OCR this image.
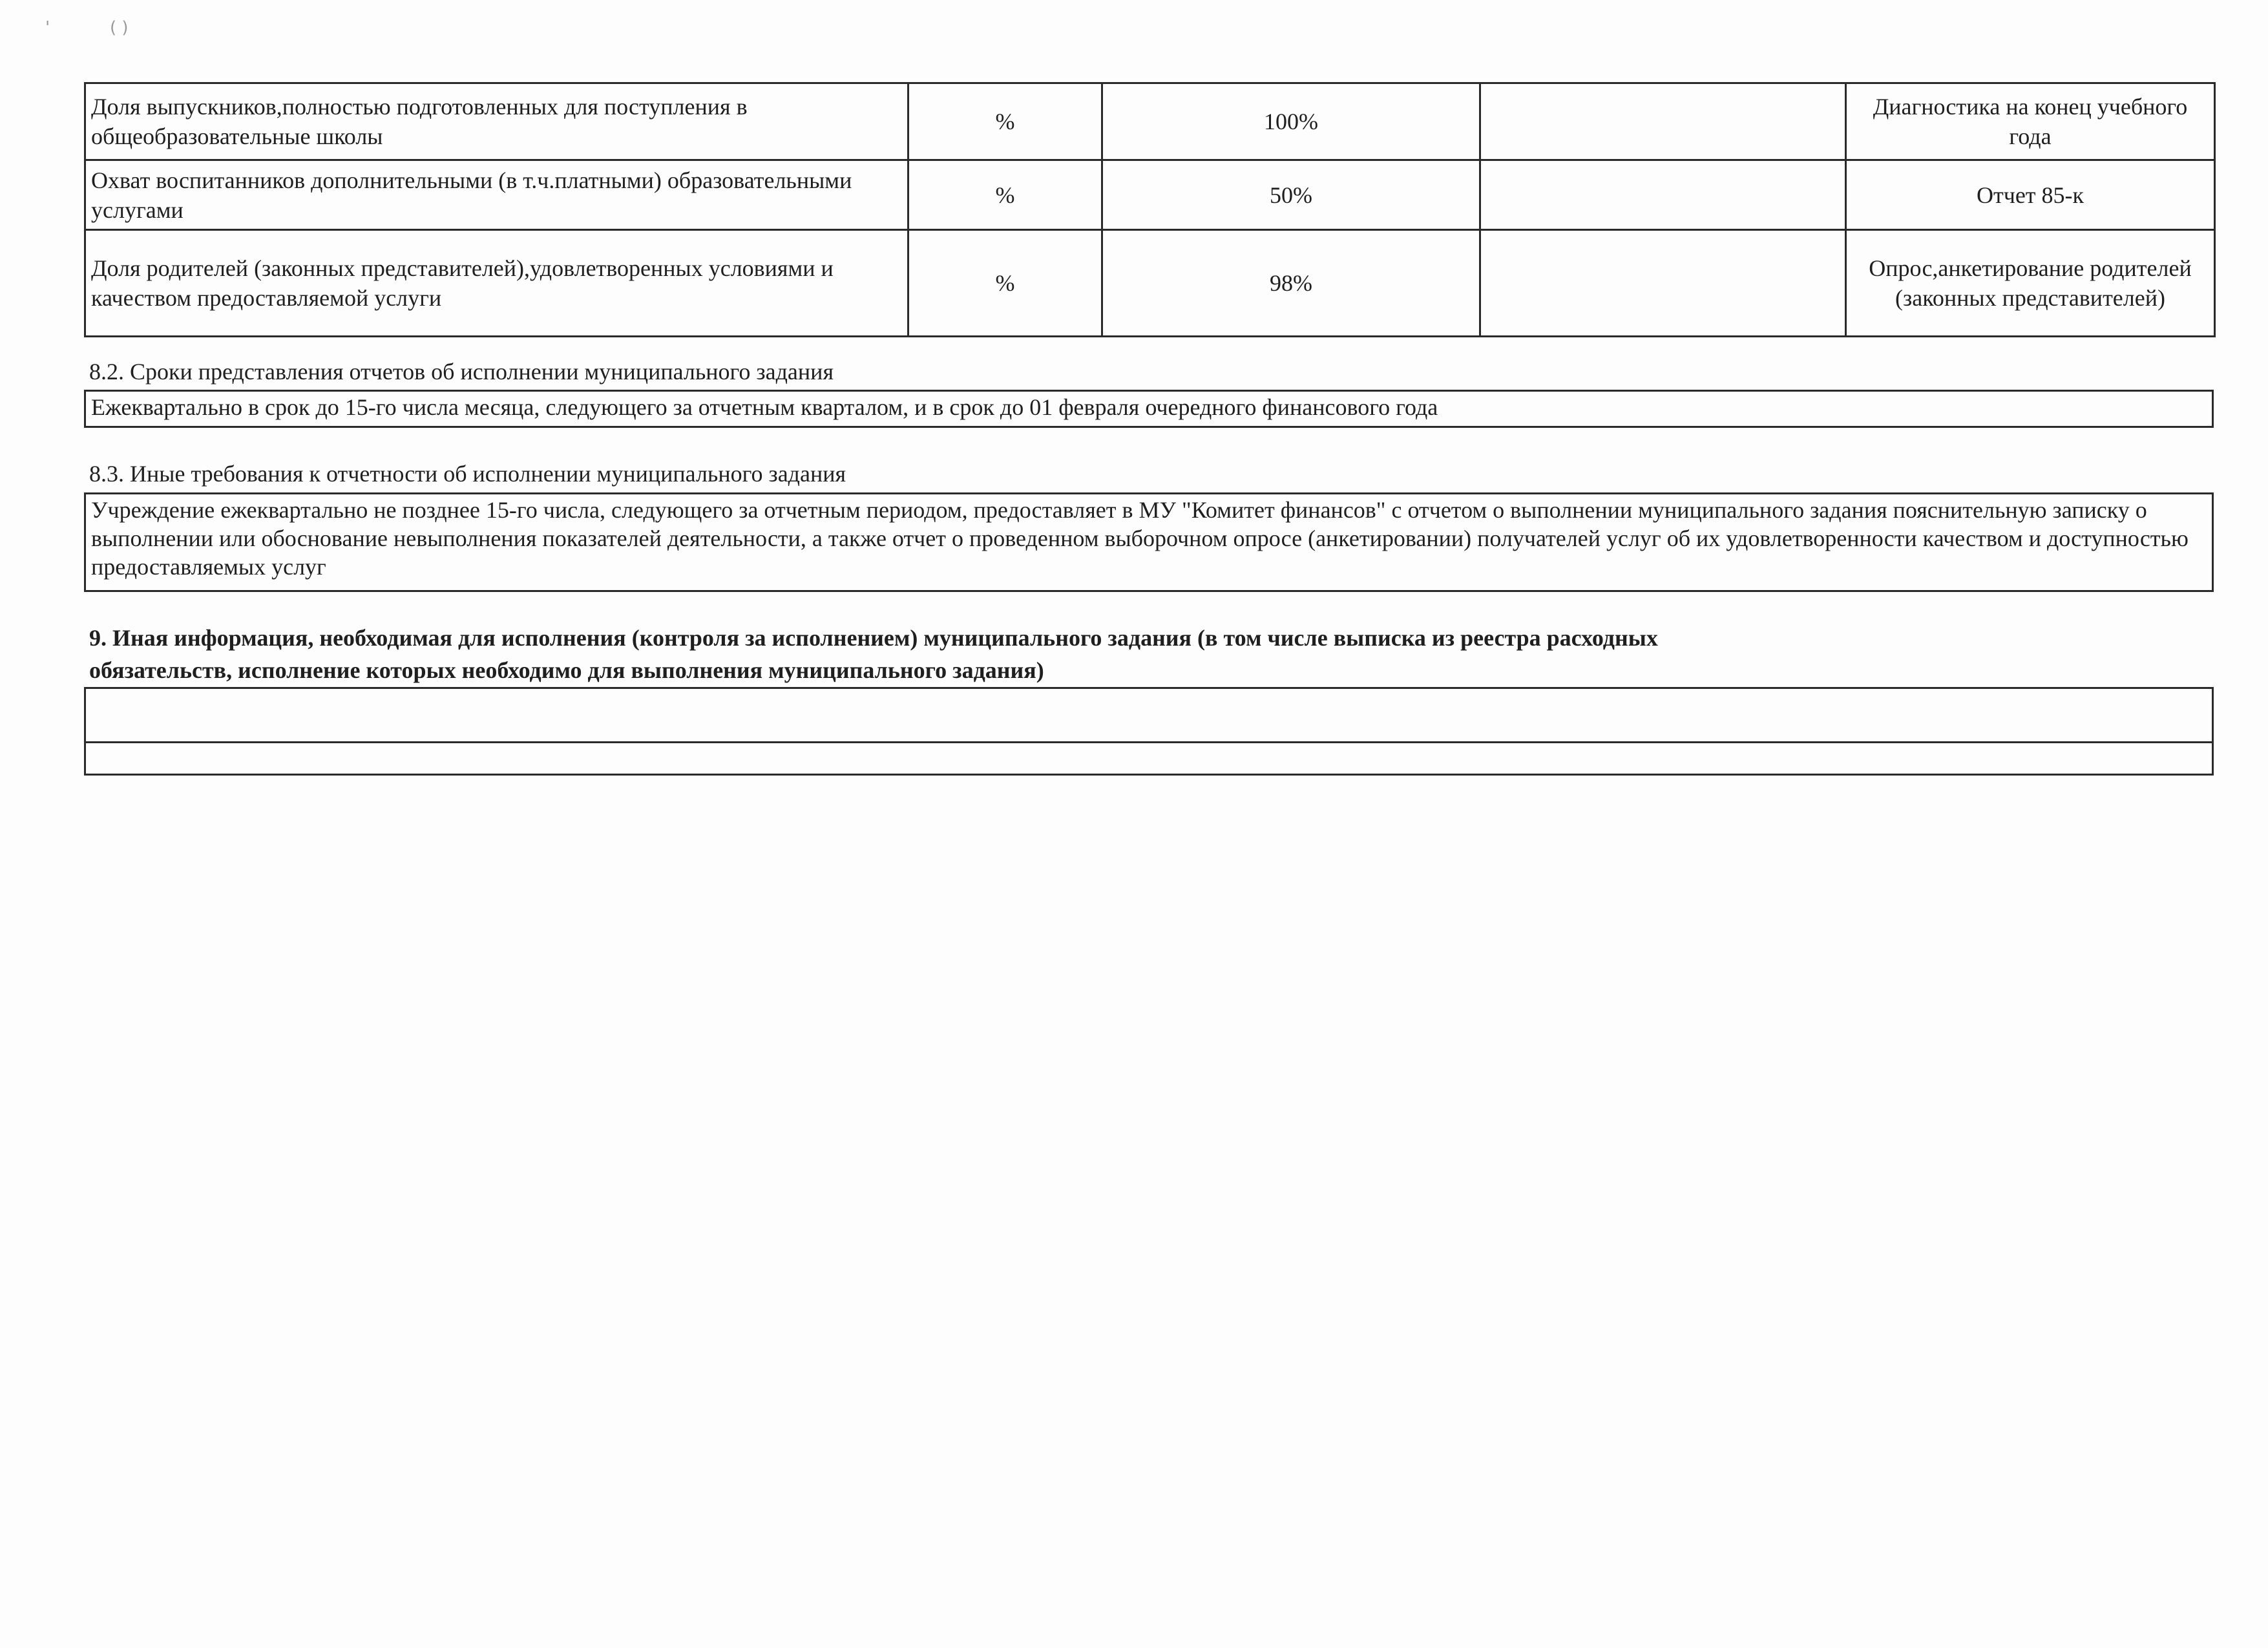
'	( )
Доля выпускников,полностью подготовленных для поступления в общеобразовательные школы	%	100%		Диагностика на конец учебного года
Охват воспитанников дополнительными (в т.ч.платными) образовательными услугами	%	50%		Отчет 85-к
Доля родителей (законных представителей),удовлетворенных условиями и качеством предоставляемой услуги	%	98%		Опрос,анкетирование родителей (законных представителей)
8.2. Сроки представления отчетов об исполнении муниципального задания
Ежеквартально в срок до 15-го числа месяца, следующего за отчетным кварталом, и в срок до 01 февраля очередного финансового года
8.3. Иные требования к отчетности об исполнении муниципального задания
Учреждение ежеквартально не позднее 15-го числа, следующего за отчетным периодом, предоставляет в МУ "Комитет финансов" с отчетом о выполнении муниципального задания пояснительную записку о выполнении или обоснование невыполнения показателей деятельности, а также отчет о проведенном выборочном опросе (анкетировании) получателей услуг об их удовлетворенности качеством и доступностью предоставляемых услуг
9. Иная информация, необходимая для исполнения (контроля за исполнением) муниципального задания (в том числе выписка из реестра расходных обязательств, исполнение которых необходимо для выполнения муниципального задания)
